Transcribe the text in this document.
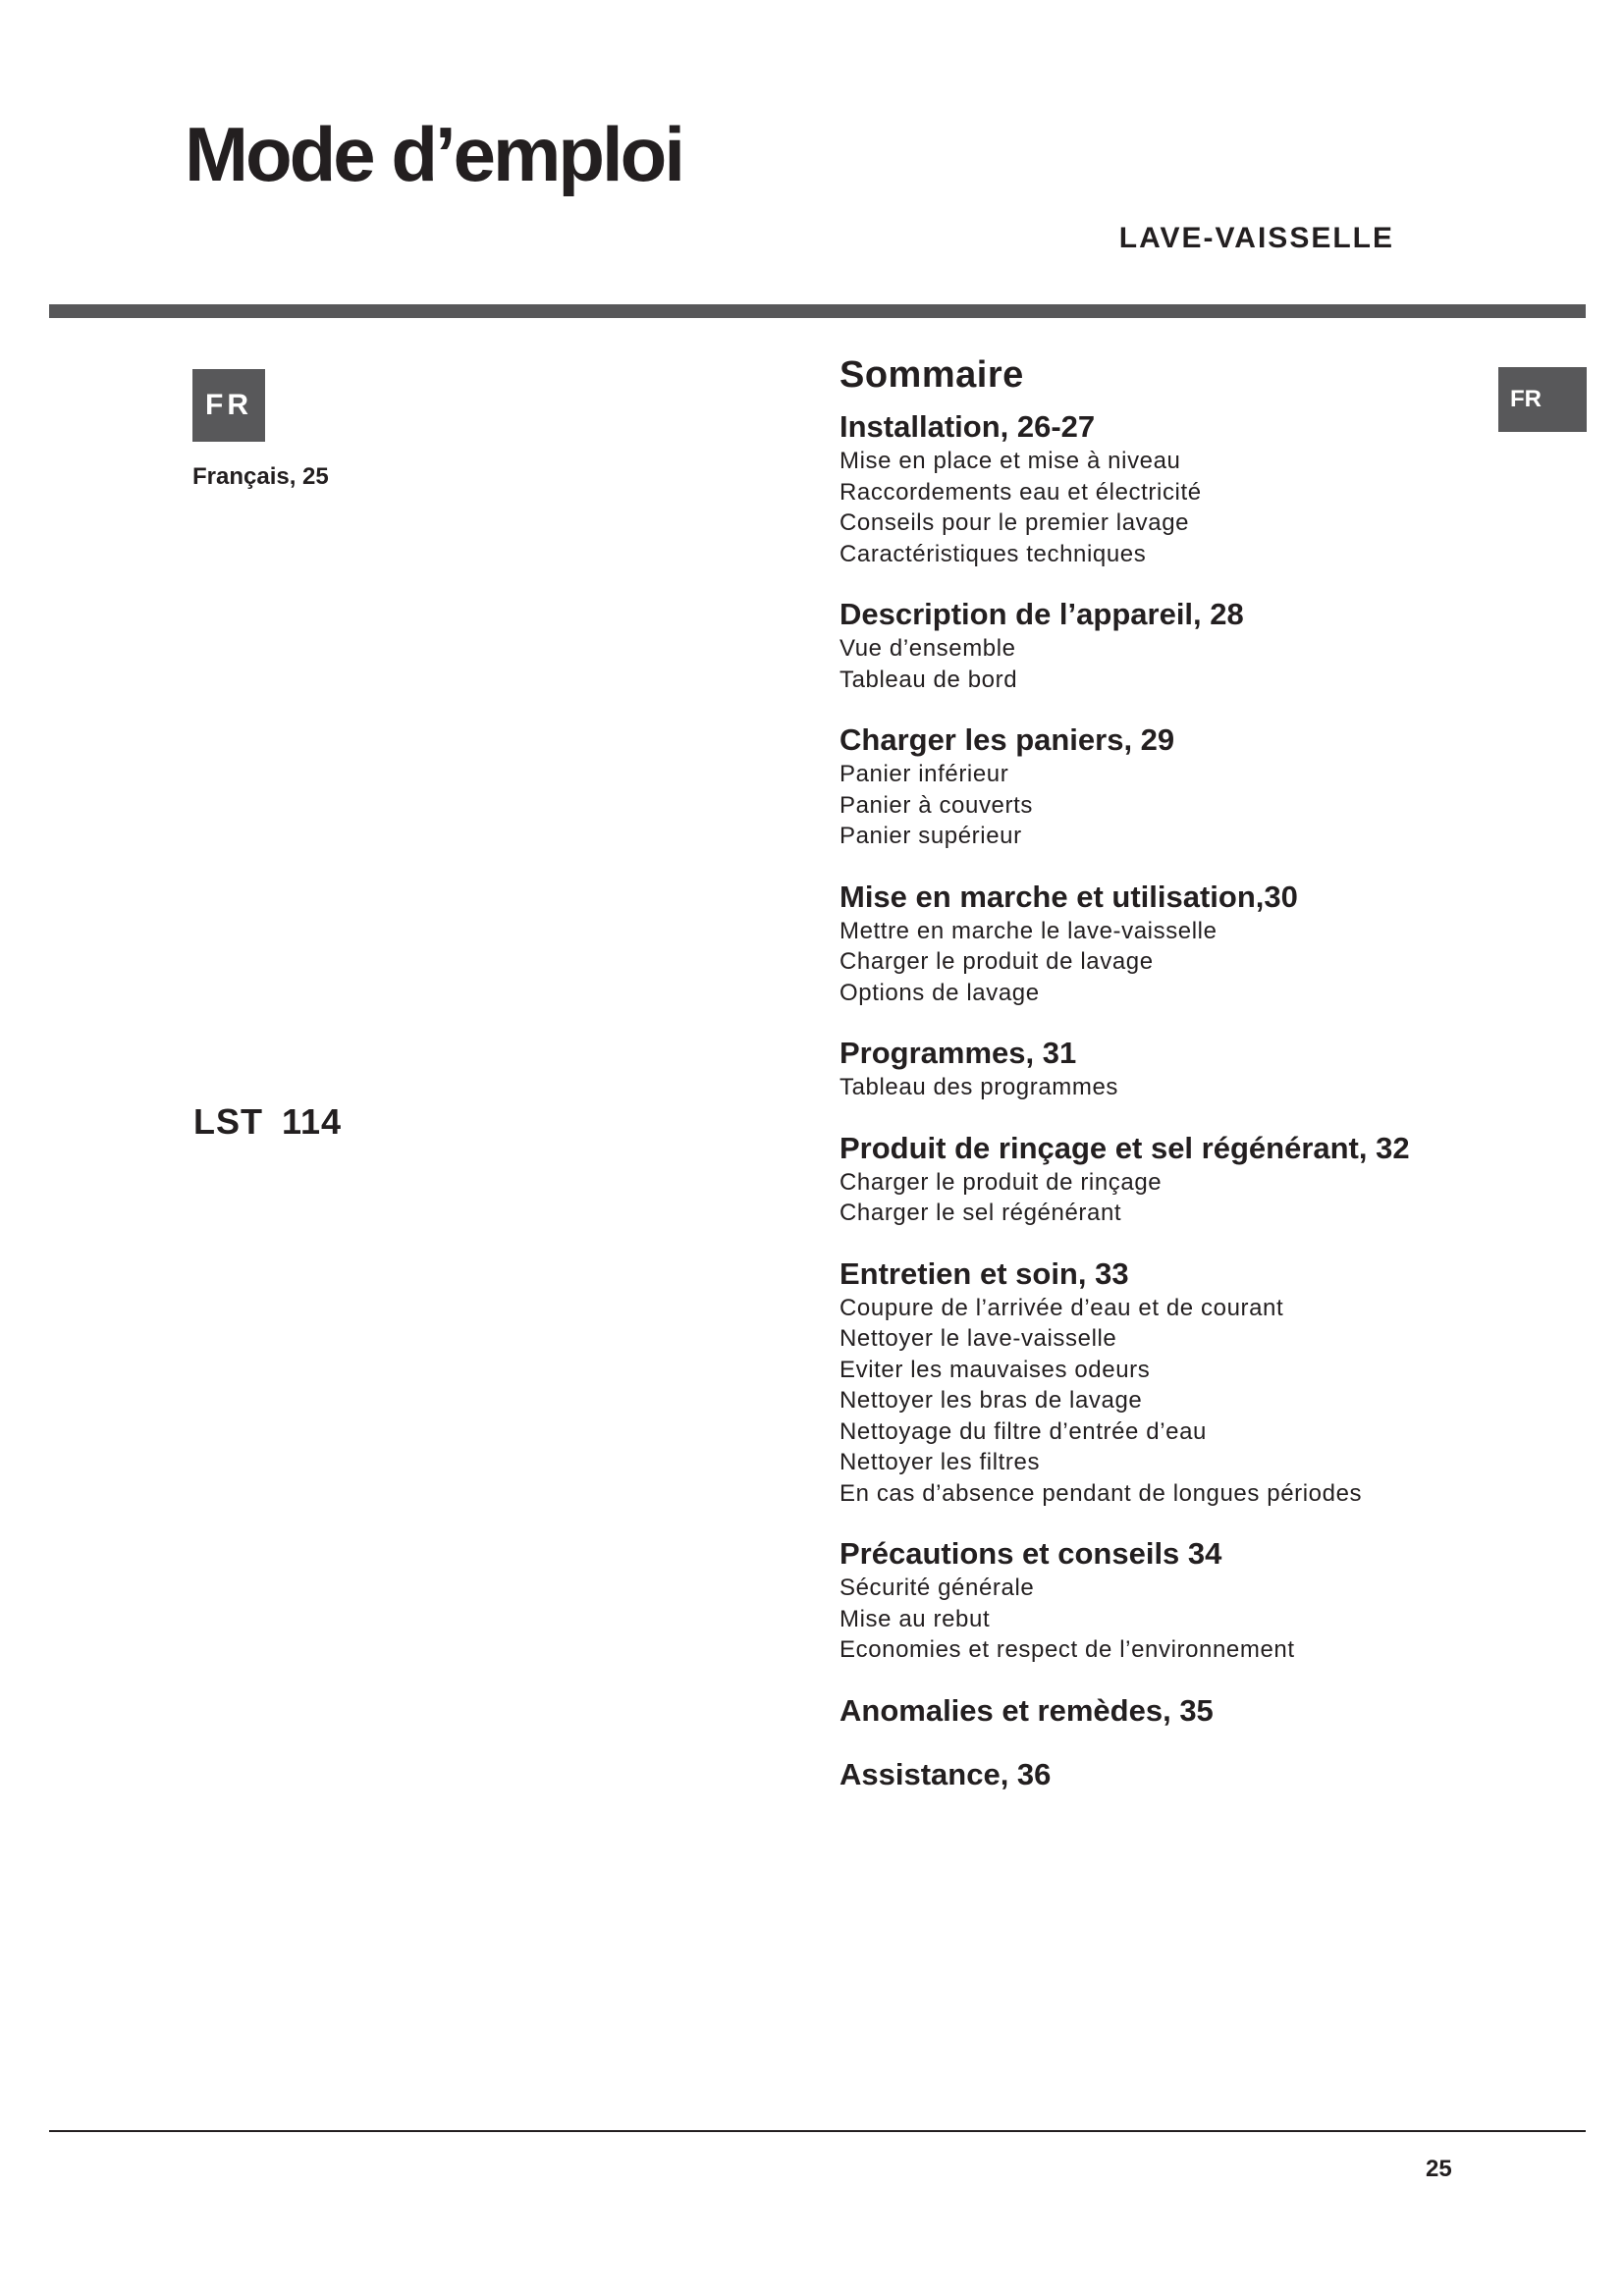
Mode d’emploi
LAVE-VAISSELLE
FR
Français, 25
LST 114
FR
Sommaire
Installation, 26-27
Mise en place et mise à niveau
Raccordements eau et électricité
Conseils pour le premier lavage
Caractéristiques techniques
Description de l’appareil, 28
Vue d’ensemble
Tableau de bord
Charger les paniers, 29
Panier inférieur
Panier à couverts
Panier supérieur
Mise en marche et utilisation,30
Mettre en marche le lave-vaisselle
Charger le produit de lavage
Options de lavage
Programmes, 31
Tableau des programmes
Produit de rinçage et sel régénérant, 32
Charger le produit de rinçage
Charger le sel régénérant
Entretien et soin, 33
Coupure de l’arrivée d’eau et de courant
Nettoyer le lave-vaisselle
Eviter les mauvaises odeurs
Nettoyer les bras de lavage
Nettoyage du filtre d’entrée d’eau
Nettoyer les filtres
En cas d’absence pendant de longues périodes
Précautions et conseils 34
Sécurité générale
Mise au rebut
Economies et respect de l’environnement
Anomalies et remèdes, 35
Assistance, 36
25
